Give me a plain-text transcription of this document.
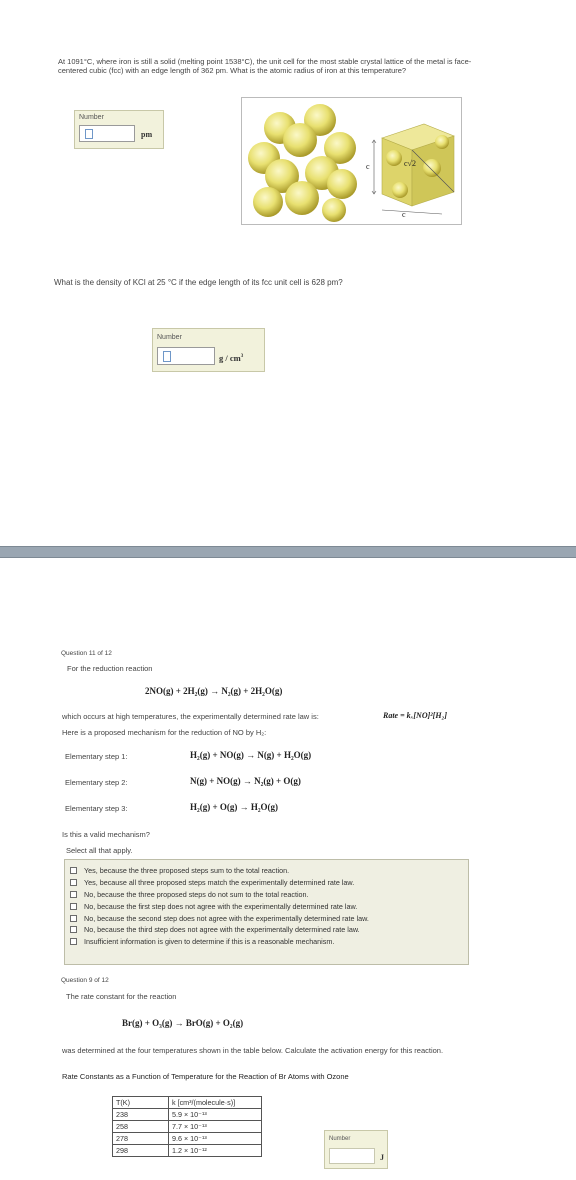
At 1091°C, where iron is still a solid (melting point 1538°C), the unit cell for the most stable crystal lattice of the metal is face-centered cubic (fcc) with an edge length of 362 pm. What is the atomic radius of iron at this temperature?
Number
pm
c√2
c
c
What is the density of KCl at 25 °C if the edge length of its fcc unit cell is 628 pm?
Number
g / $cm^3$
Question 11 of 12
For the reduction reaction
2NO(g) + 2H₂(g) → N₂(g) + 2H₂O(g)
which occurs at high temperatures, the experimentally determined rate law is:	Rate = kₓ[NO]²[H₂]
Here is a proposed mechanism for the reduction of NO by H₂:
Elementary step 1:	H₂(g) + NO(g) → N(g) + H₂O(g)
Elementary step 2:	N(g) + NO(g) → N₂(g) + O(g)
Elementary step 3:	H₂(g) + O(g) → H₂O(g)
Is this a valid mechanism?
Select all that apply.
Yes, because the three proposed steps sum to the total reaction.
Yes, because all three proposed steps match the experimentally determined rate law.
No, because the three proposed steps do not sum to the total reaction.
No, because the first step does not agree with the experimentally determined rate law.
No, because the second step does not agree with the experimentally determined rate law.
No, because the third step does not agree with the experimentally determined rate law.
Insufficient information is given to determine if this is a reasonable mechanism.
Question 9 of 12
The rate constant for the reaction
Br(g) + O₃(g) → BrO(g) + O₂(g)
was determined at the four temperatures shown in the table below. Calculate the activation energy for this reaction.
Rate Constants as a Function of Temperature for the Reaction of Br Atoms with Ozone
T(K)	k [cm³/(molecule·s)]
238	5.9 × 10⁻¹³
258	7.7 × 10⁻¹³
278	9.6 × 10⁻¹³
298	1.2 × 10⁻¹²
Number
J
